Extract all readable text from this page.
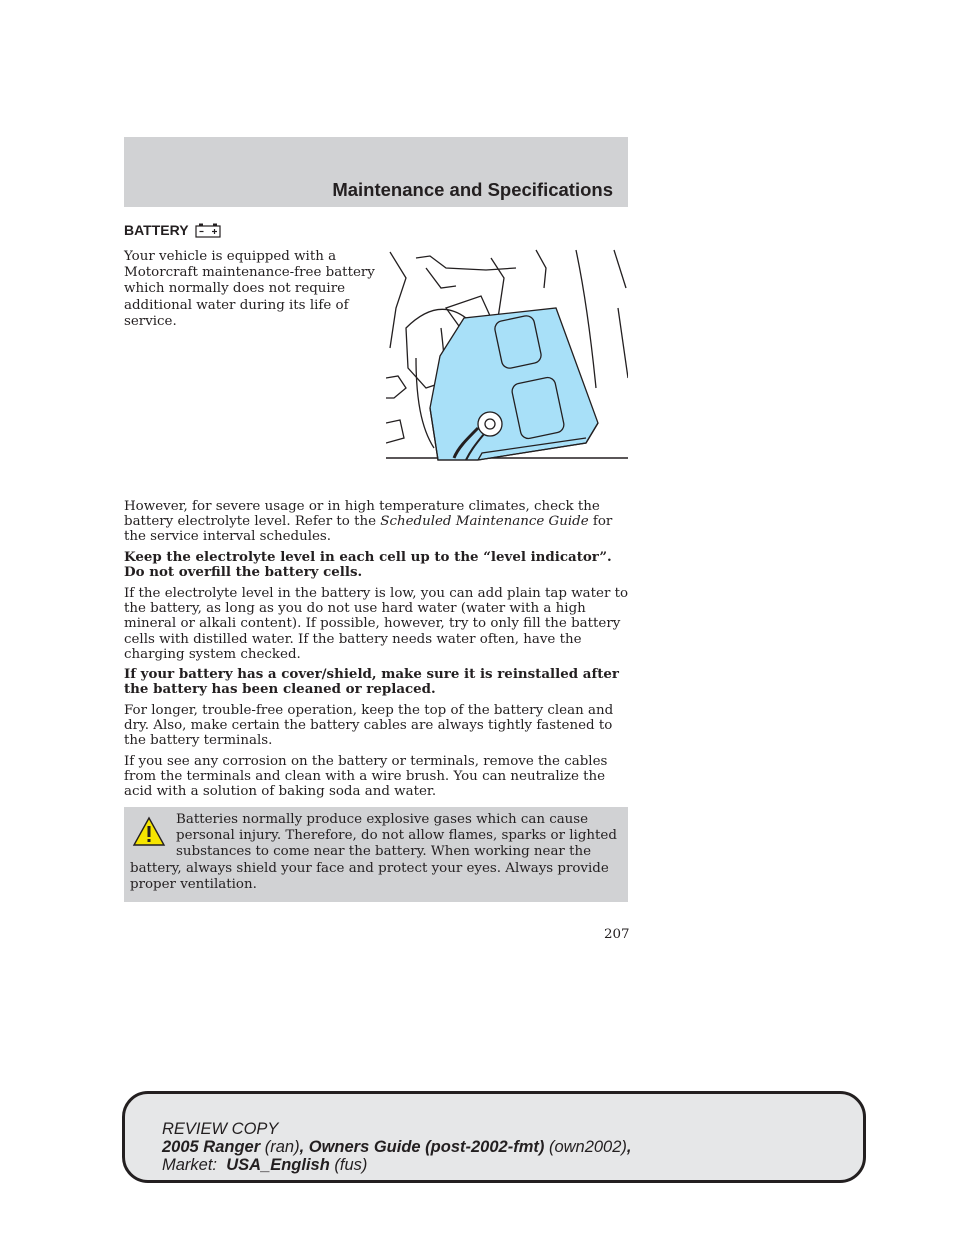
Maintenance and Specifications
BATTERY
Your vehicle is equipped with a Motorcraft maintenance-free battery which normally does not require additional water during its life of service.

However, for severe usage or in high temperature climates, check the battery electrolyte level. Refer to the Scheduled Maintenance Guide for the service interval schedules.

Keep the electrolyte level in each cell up to the “level indicator”. Do not overfill the battery cells.

If the electrolyte level in the battery is low, you can add plain tap water to the battery, as long as you do not use hard water (water with a high mineral or alkali content). If possible, however, try to only fill the battery cells with distilled water. If the battery needs water often, have the charging system checked.

If your battery has a cover/shield, make sure it is reinstalled after the battery has been cleaned or replaced.

For longer, trouble-free operation, keep the top of the battery clean and dry. Also, make certain the battery cables are always tightly fastened to the battery terminals.

If you see any corrosion on the battery or terminals, remove the cables from the terminals and clean with a wire brush. You can neutralize the acid with a solution of baking soda and water.

Batteries normally produce explosive gases which can cause personal injury. Therefore, do not allow flames, sparks or lighted substances to come near the battery. When working near the battery, always shield your face and protect your eyes. Always provide proper ventilation.

207
REVIEW COPY
2005 Ranger (ran), Owners Guide (post-2002-fmt) (own2002),
Market:  USA_English (fus)
